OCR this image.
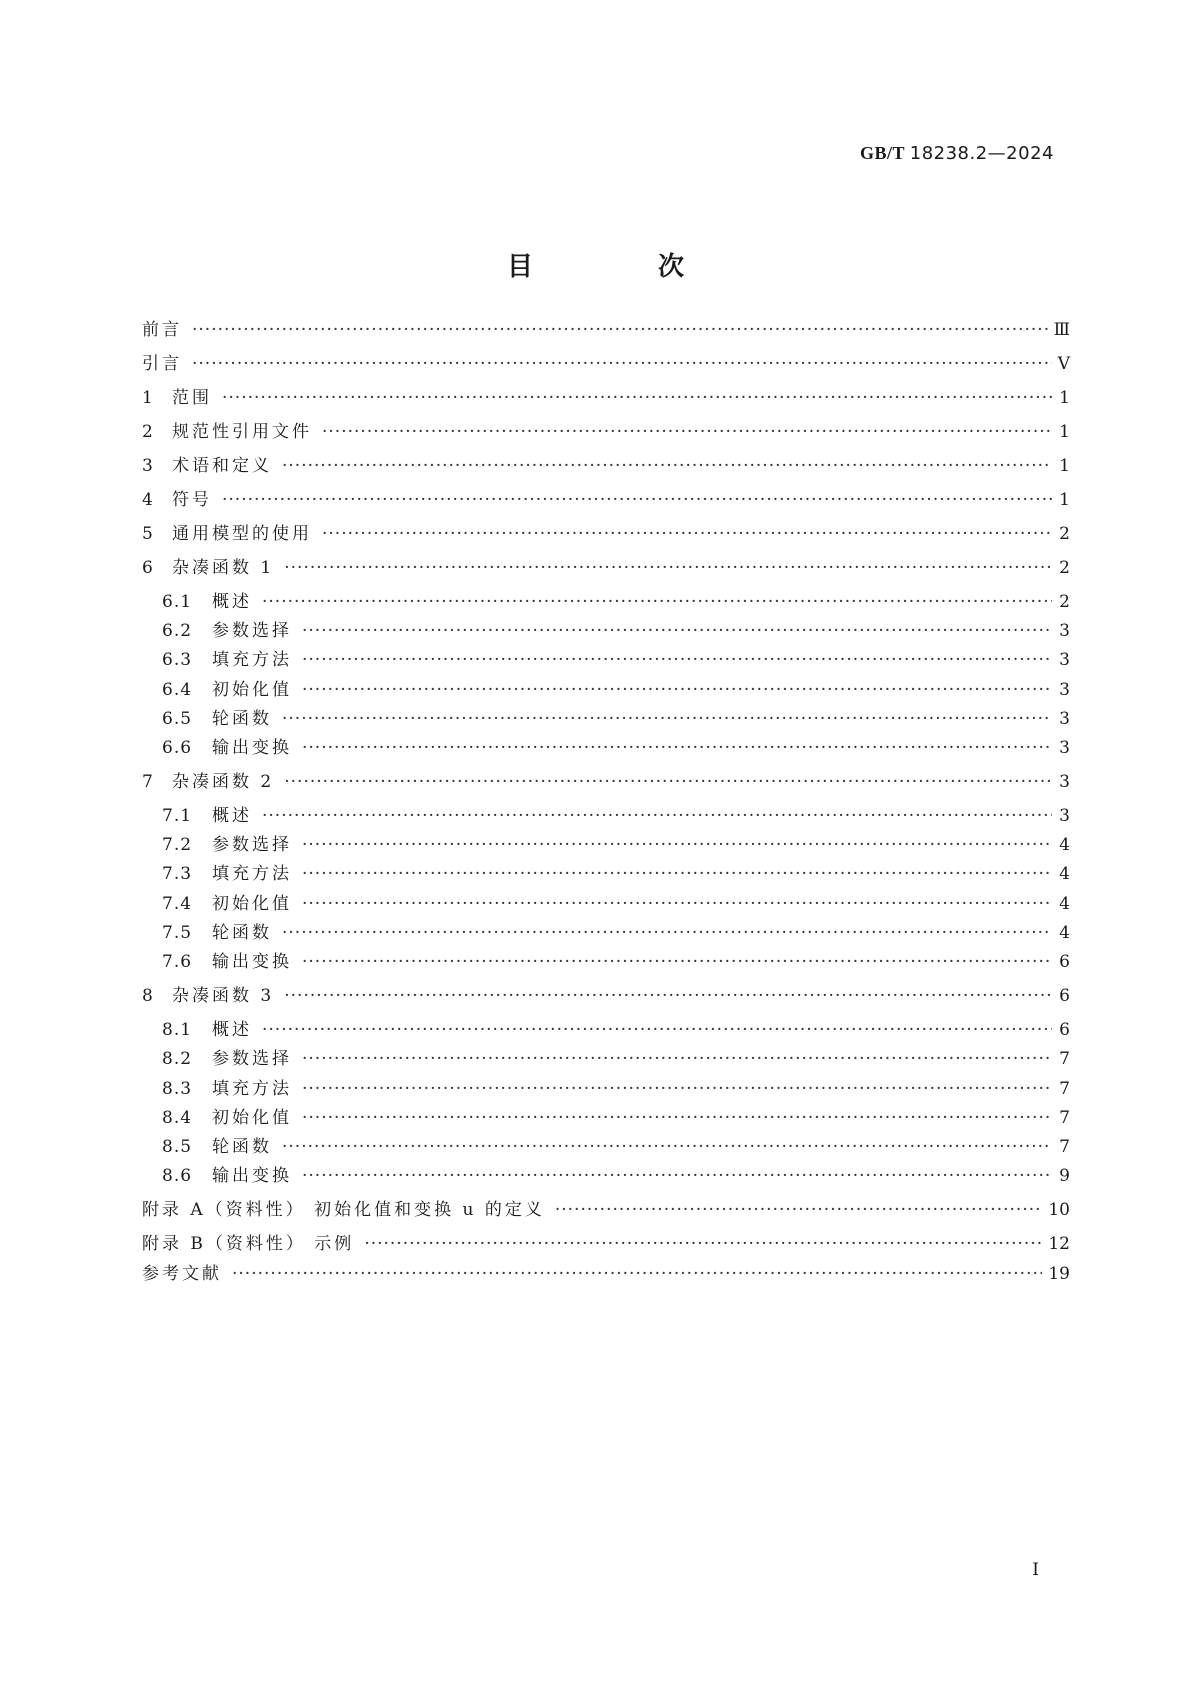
GB/T 18238.2—2024
目 次
前言 ·····	Ⅲ
引言 ·····	Ⅴ
1	范围 ·····	1
2	规范性引用文件 ·····	1
3	术语和定义 ·····	1
4	符号 ·····	1
5	通用模型的使用 ·····	2
6	杂凑函数 1 ·····	2
6.1	概述 ·····	2
6.2	参数选择 ·····	3
6.3	填充方法 ·····	3
6.4	初始化值 ·····	3
6.5	轮函数 ·····	3
6.6	输出变换 ·····	3
7	杂凑函数 2 ·····	3
7.1	概述 ·····	3
7.2	参数选择 ·····	4
7.3	填充方法 ·····	4
7.4	初始化值 ·····	4
7.5	轮函数 ·····	4
7.6	输出变换 ·····	6
8	杂凑函数 3 ·····	6
8.1	概述 ·····	6
8.2	参数选择 ·····	7
8.3	填充方法 ·····	7
8.4	初始化值 ·····	7
8.5	轮函数 ·····	7
8.6	输出变换 ·····	9
附录 A（资料性） 初始化值和变换 u 的定义 ·····	10
附录 B（资料性） 示例 ·····	12
参考文献 ·····	19
Ⅰ
